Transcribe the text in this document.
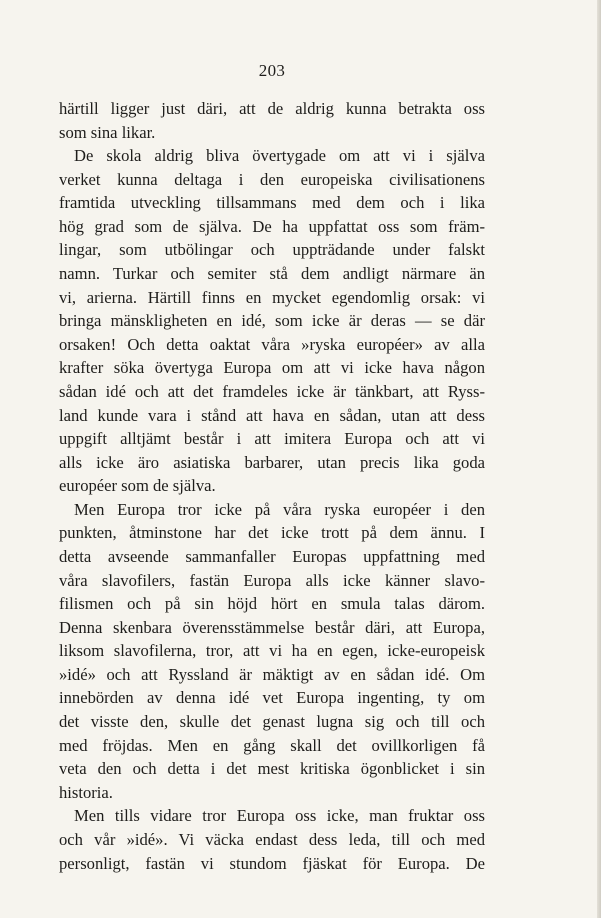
203
härtill ligger just däri, att de aldrig kunna betrakta oss
som sina likar.
De skola aldrig bliva övertygade om att vi i själva
verket kunna deltaga i den europeiska civilisationens
framtida utveckling tillsammans med dem och i lika
hög grad som de själva. De ha uppfattat oss som främ-
lingar, som utbölingar och uppträdande under falskt
namn. Turkar och semiter stå dem andligt närmare än
vi, arierna. Härtill finns en mycket egendomlig orsak: vi
bringa mänskligheten en idé, som icke är deras — se där
orsaken! Och detta oaktat våra »ryska européer» av alla
krafter söka övertyga Europa om att vi icke hava någon
sådan idé och att det framdeles icke är tänkbart, att Ryss-
land kunde vara i stånd att hava en sådan, utan att dess
uppgift alltjämt består i att imitera Europa och att vi
alls icke äro asiatiska barbarer, utan precis lika goda
européer som de själva.
Men Europa tror icke på våra ryska européer i den
punkten, åtminstone har det icke trott på dem ännu. I
detta avseende sammanfaller Europas uppfattning med
våra slavofilers, fastän Europa alls icke känner slavo-
filismen och på sin höjd hört en smula talas därom.
Denna skenbara överensstämmelse består däri, att Europa,
liksom slavofilerna, tror, att vi ha en egen, icke-europeisk
»idé» och att Ryssland är mäktigt av en sådan idé. Om
innebörden av denna idé vet Europa ingenting, ty om
det visste den, skulle det genast lugna sig och till och
med fröjdas. Men en gång skall det ovillkorligen få
veta den och detta i det mest kritiska ögonblicket i sin
historia.
Men tills vidare tror Europa oss icke, man fruktar oss
och vår »idé». Vi väcka endast dess leda, till och med
personligt, fastän vi stundom fjäskat för Europa. De
